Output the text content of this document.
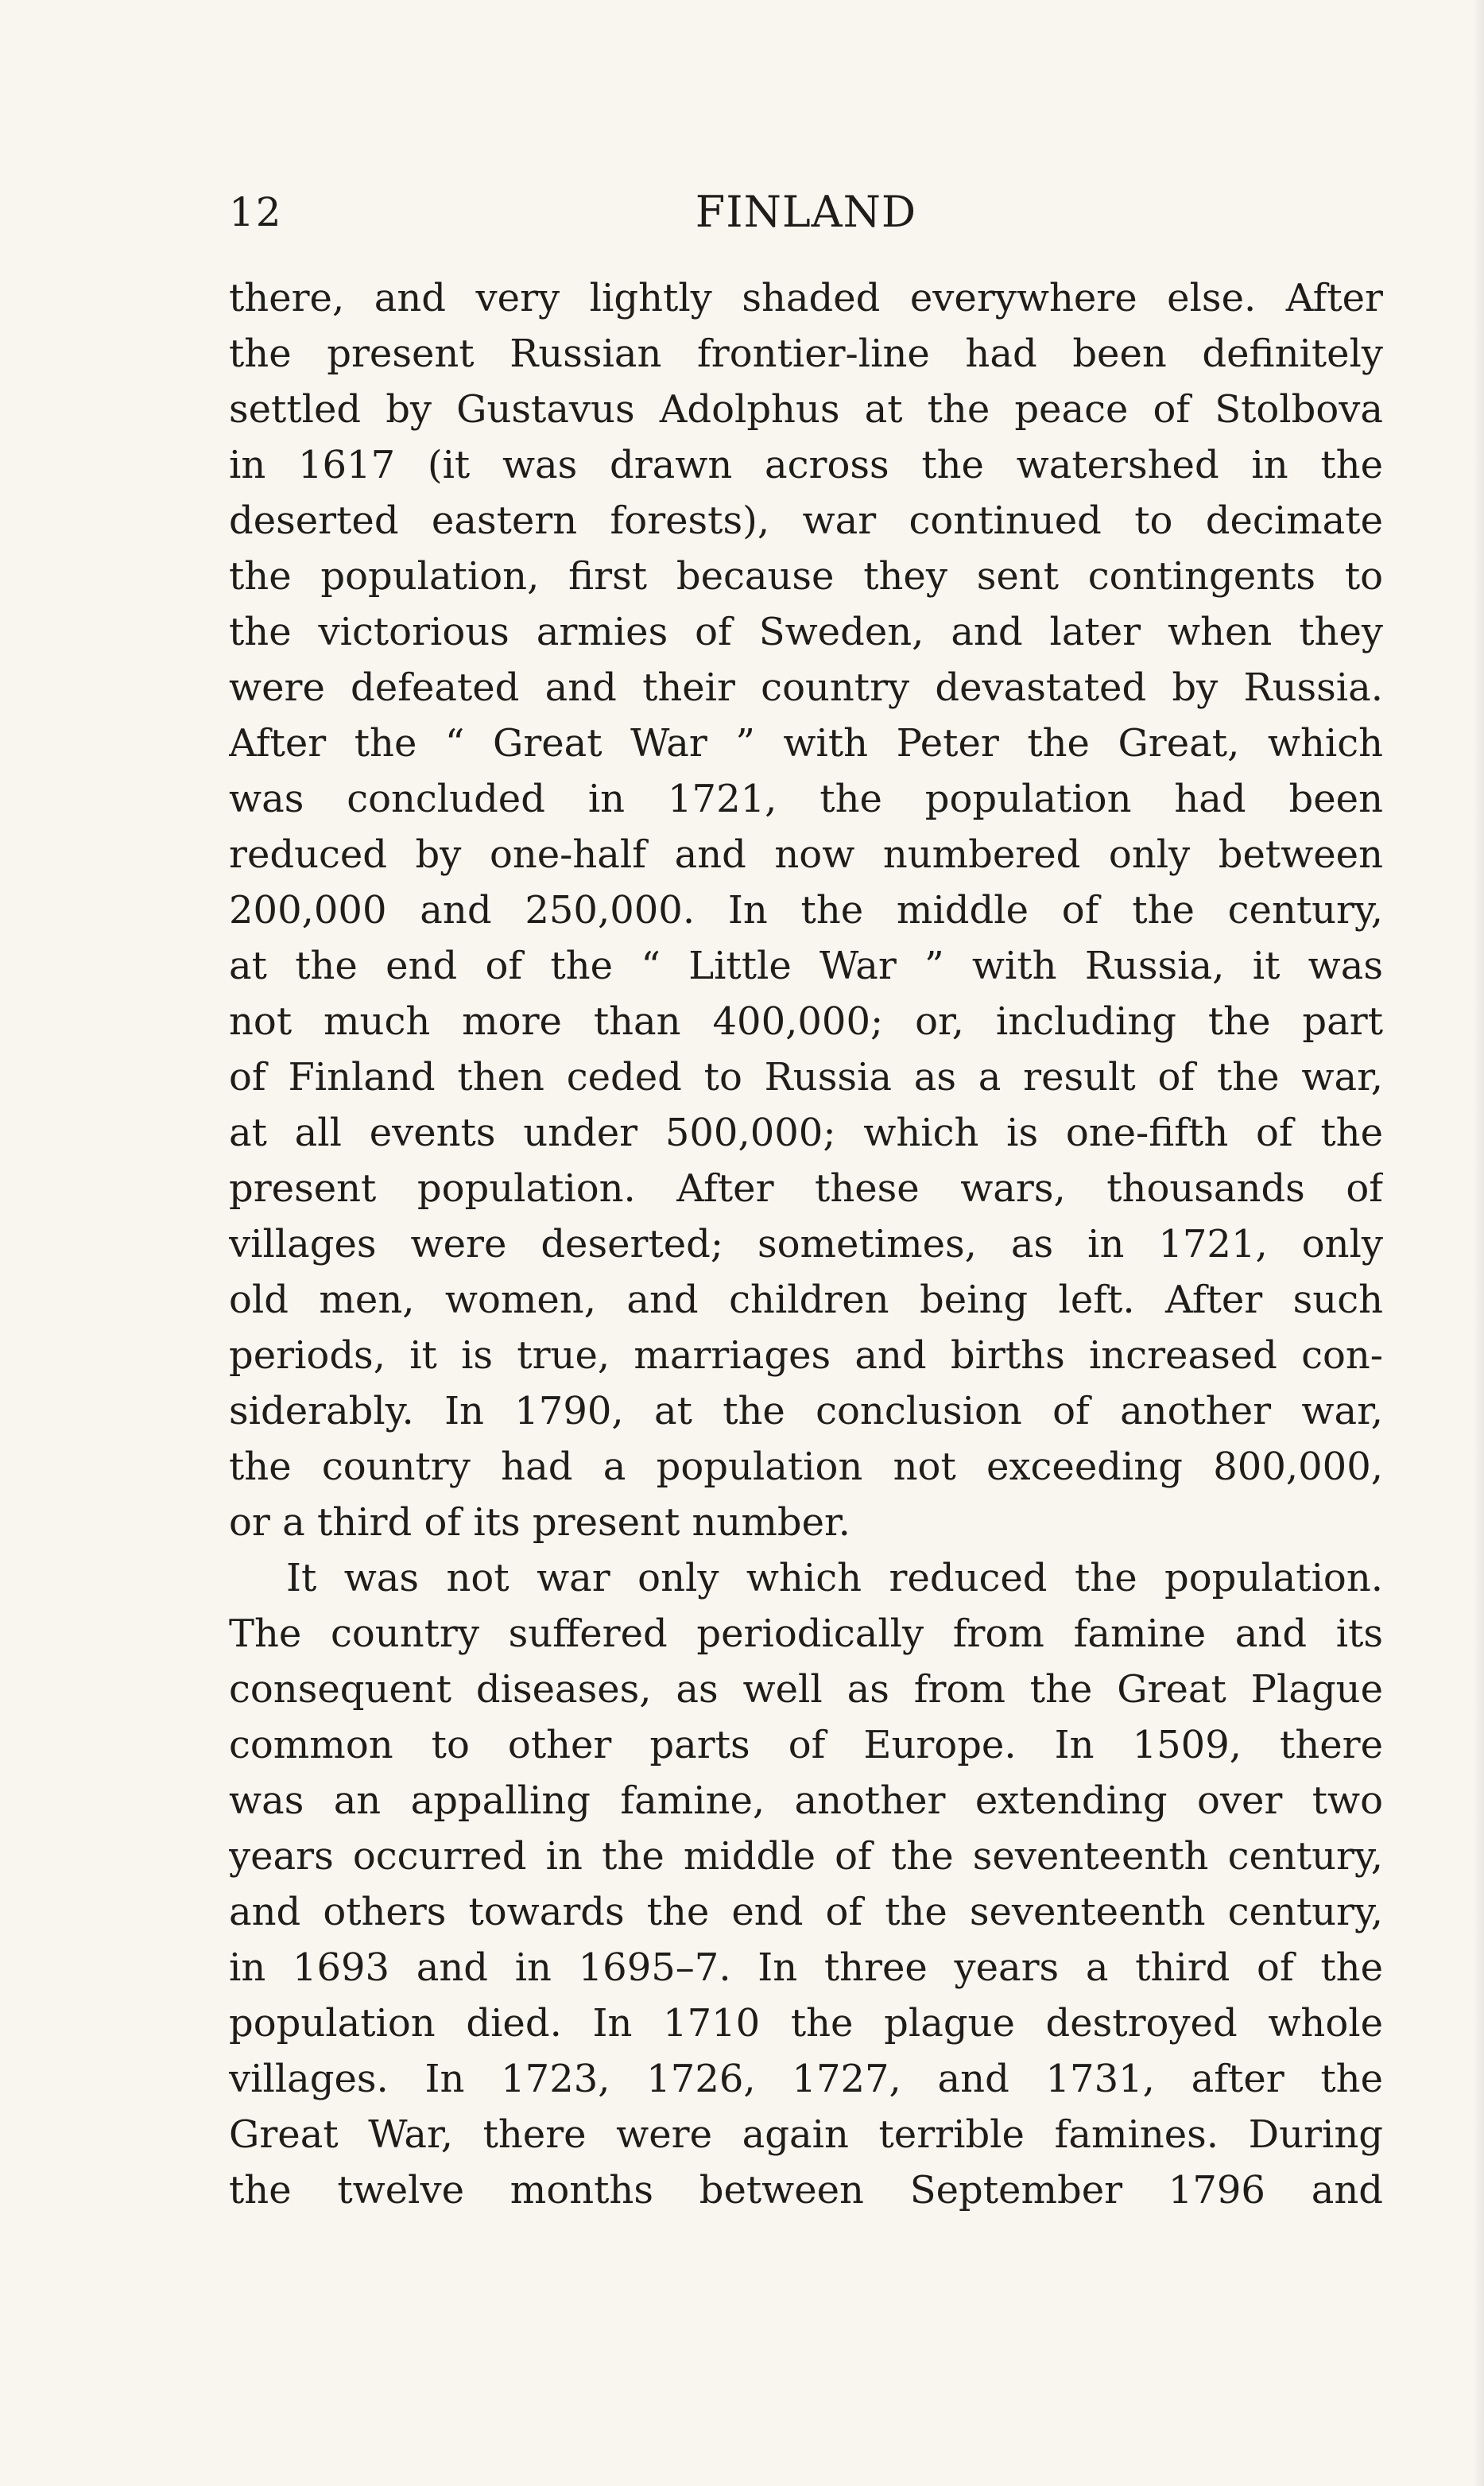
12	FINLAND
there, and very lightly shaded everywhere else. After
the present Russian frontier-line had been definitely
settled by Gustavus Adolphus at the peace of Stolbova
in 1617 (it was drawn across the watershed in the
deserted eastern forests), war continued to decimate
the population, first because they sent contingents to
the victorious armies of Sweden, and later when they
were defeated and their country devastated by Russia.
After the “ Great War ” with Peter the Great, which
was concluded in 1721, the population had been
reduced by one-half and now numbered only between
200,000 and 250,000. In the middle of the century,
at the end of the “ Little War ” with Russia, it was
not much more than 400,000; or, including the part
of Finland then ceded to Russia as a result of the war,
at all events under 500,000; which is one-fifth of the
present population. After these wars, thousands of
villages were deserted; sometimes, as in 1721, only
old men, women, and children being left. After such
periods, it is true, marriages and births increased con-
siderably. In 1790, at the conclusion of another war,
the country had a population not exceeding 800,000,
or a third of its present number.
It was not war only which reduced the population.
The country suffered periodically from famine and its
consequent diseases, as well as from the Great Plague
common to other parts of Europe. In 1509, there
was an appalling famine, another extending over two
years occurred in the middle of the seventeenth century,
and others towards the end of the seventeenth century,
in 1693 and in 1695–7. In three years a third of the
population died. In 1710 the plague destroyed whole
villages. In 1723, 1726, 1727, and 1731, after the
Great War, there were again terrible famines. During
the twelve months between September 1796 and
